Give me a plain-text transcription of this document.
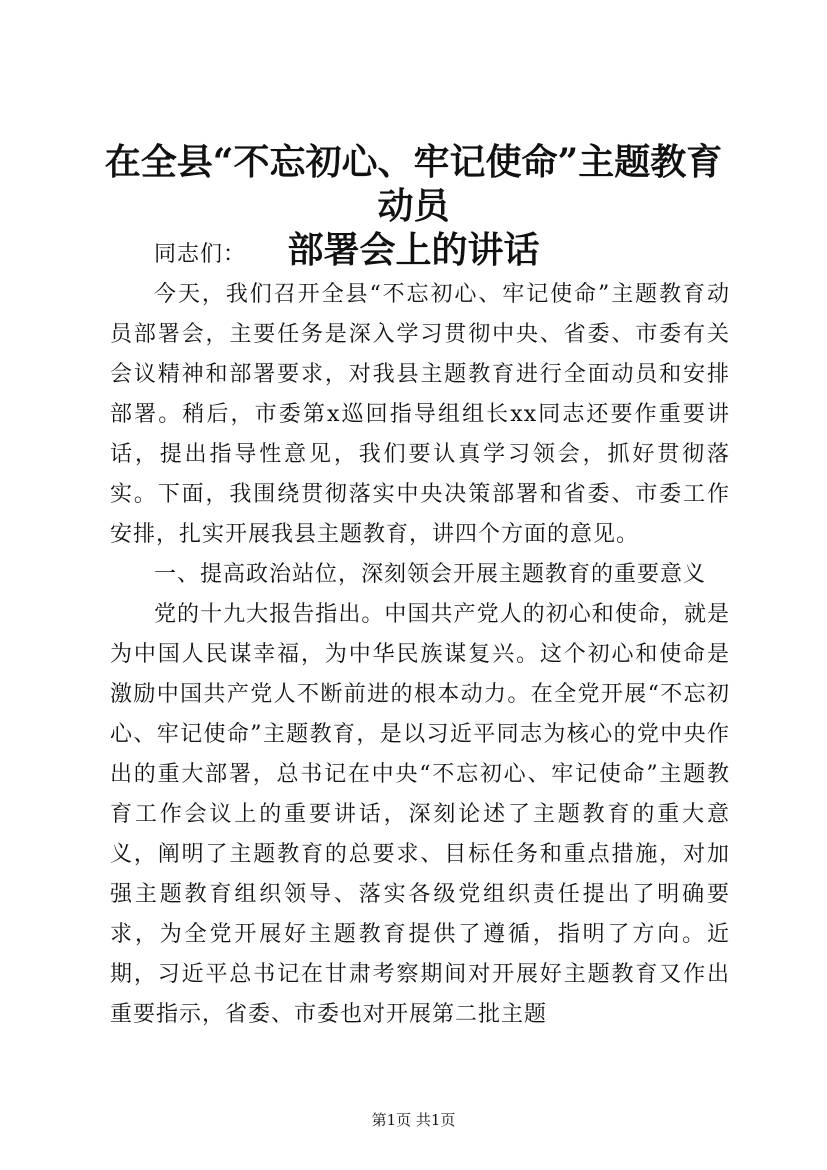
在全县“不忘初心、牢记使命”主题教育动员
部署会上的讲话

同志们：

今天，我们召开全县“不忘初心、牢记使命”主题教育动员部署会，主要任务是深入学习贯彻中央、省委、市委有关会议精神和部署要求，对我县主题教育进行全面动员和安排部署。稍后，市委第x巡回指导组组长xx同志还要作重要讲话，提出指导性意见，我们要认真学习领会，抓好贯彻落实。下面，我围绕贯彻落实中央决策部署和省委、市委工作安排，扎实开展我县主题教育，讲四个方面的意见。

一、提高政治站位，深刻领会开展主题教育的重要意义

党的十九大报告指出。中国共产党人的初心和使命，就是为中国人民谋幸福，为中华民族谋复兴。这个初心和使命是激励中国共产党人不断前进的根本动力。在全党开展“不忘初心、牢记使命”主题教育，是以习近平同志为核心的党中央作出的重大部署，总书记在中央“不忘初心、牢记使命”主题教育工作会议上的重要讲话，深刻论述了主题教育的重大意义，阐明了主题教育的总要求、目标任务和重点措施，对加强主题教育组织领导、落实各级党组织责任提出了明确要求，为全党开展好主题教育提供了遵循，指明了方向。近期，习近平总书记在甘肃考察期间对开展好主题教育又作出重要指示，省委、市委也对开展第二批主题

第1页 共1页
